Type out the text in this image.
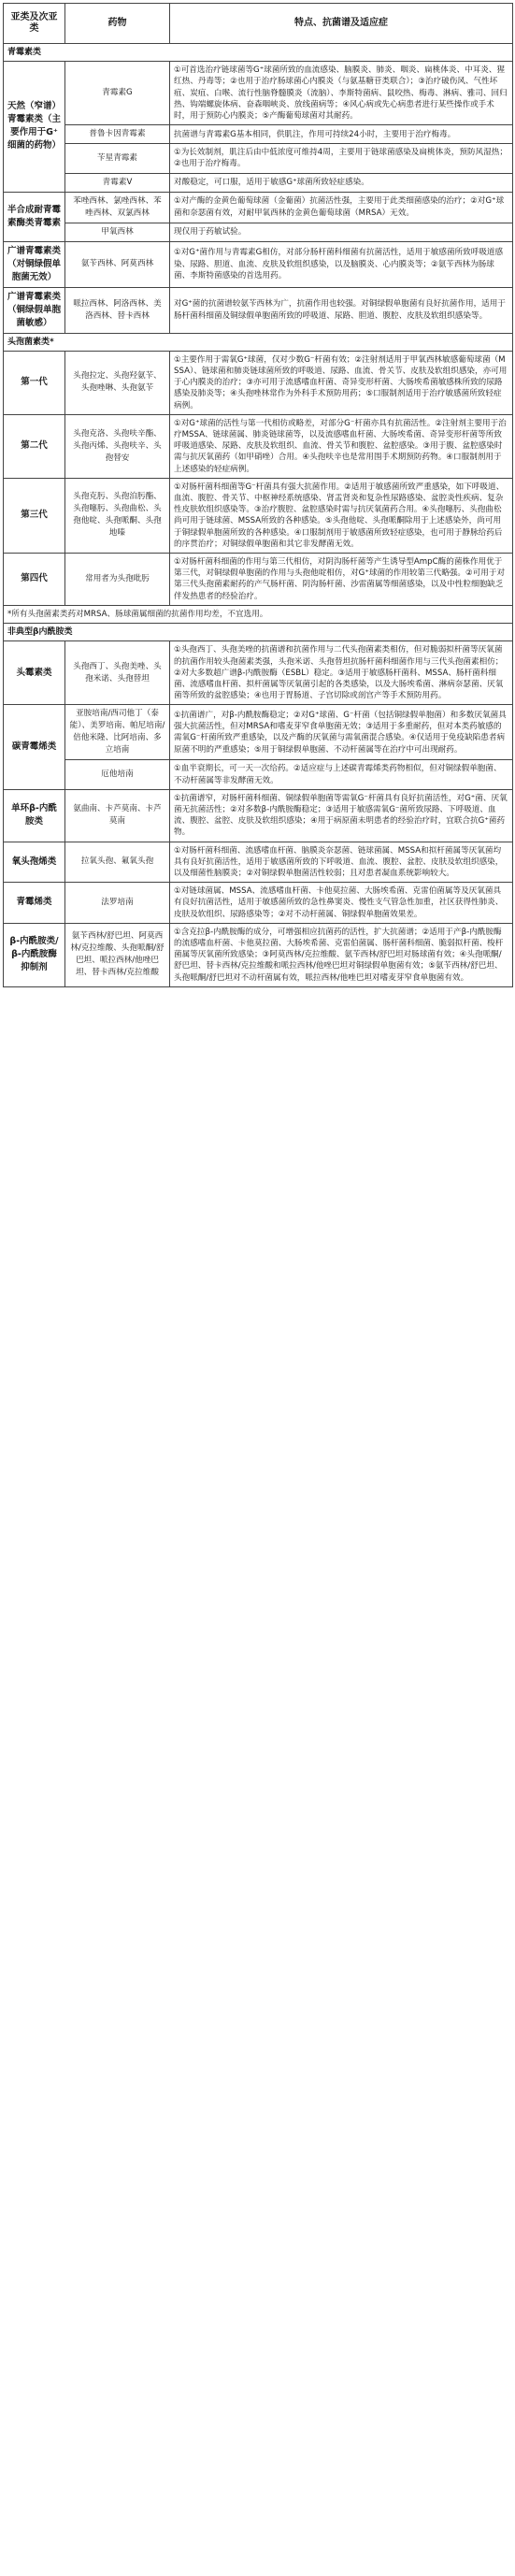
亚类及次亚类	药物	特点、抗菌谱及适应症
青霉素类		
天然（窄谱）青霉素类（主要作用于G⁺细菌的药物）	青霉素G	①可首选治疗链球菌等G⁺球菌所致的血流感染、脑膜炎、肺炎、咽炎、扁桃体炎、中耳炎、猩红热、丹毒等；②也用于治疗肠球菌心内膜炎（与氨基糖苷类联合）；③治疗破伤风、气性坏疽、炭疽、白喉、流行性脑脊髓膜炎（流脑）、李斯特菌病、鼠咬热、梅毒、淋病、雅司、回归热、钩端螺旋体病、奋森咽峡炎、放线菌病等；④风心病或先心病患者进行某些操作或手术时，用于预防心内膜炎；⑤产酶葡萄球菌对其耐药。
	普鲁卡因青霉素	抗菌谱与青霉素G基本相同，供肌注，作用可持续24小时，主要用于治疗梅毒。
	苄星青霉素	①为长效制剂，肌注后由中低浓度可维持4周，主要用于链球菌感染及扁桃体炎，预防风湿热；②也用于治疗梅毒。
	青霉素V	对酸稳定，可口服，适用于敏感G⁺球菌所致轻症感染。
半合成耐青霉素酶类青霉素	苯唑西林、氯唑西林、苯唑西林、双氯西林	①对产酶的金黄色葡萄球菌（金葡菌）抗菌活性强，主要用于此类细菌感染的治疗；②对G⁺球菌和奈瑟菌有效，对耐甲氧西林的金黄色葡萄球菌（MRSA）无效。
	甲氧西林	现仅用于药敏试验。
广谱青霉素类（对铜绿假单胞菌无效）	氨苄西林、阿莫西林	①对G⁺菌作用与青霉素G相仿，对部分肠杆菌科细菌有抗菌活性，适用于敏感菌所致呼吸道感染、尿路、胆道、血流、皮肤及软组织感染，以及脑膜炎、心内膜炎等；②氨苄西林为肠球菌、李斯特菌感染的首选用药。
广谱青霉素类（铜绿假单胞菌敏感）	哌拉西林、阿洛西林、美洛西林、替卡西林	对G⁺菌的抗菌谱较氨苄西林为广，抗菌作用也较强。对铜绿假单胞菌有良好抗菌作用，适用于肠杆菌科细菌及铜绿假单胞菌所致的呼吸道、尿路、胆道、腹腔、皮肤及软组织感染等。
头孢菌素类*		
第一代	头孢拉定、头孢羟氨苄、头孢唑啉、头孢氨苄	①主要作用于需氧G⁺球菌，仅对少数G⁻杆菌有效；②注射剂适用于甲氧西林敏感葡萄球菌（MSSA）、链球菌和肺炎链球菌所致的呼吸道、尿路、血流、骨关节、皮肤及软组织感染，亦可用于心内膜炎的治疗；③亦可用于流感嗜血杆菌、奇异变形杆菌、大肠埃希菌敏感株所致的尿路感染及肺炎等；④头孢唑林常作为外科手术预防用药；⑤口服制剂适用于治疗敏感菌所致轻症病例。
第二代	头孢克洛、头孢呋辛酯、头孢丙烯、头孢呋辛、头孢替安	①对G⁺球菌的活性与第一代相仿或略差，对部分G⁻杆菌亦具有抗菌活性。②注射剂主要用于治疗MSSA、链球菌属、肺炎链球菌等，以及流感嗜血杆菌、大肠埃希菌、奇异变形杆菌等所致呼吸道感染、尿路、皮肤及软组织、血流、骨关节和腹腔、盆腔感染。③用于腹、盆腔感染时需与抗厌氧菌药（如甲硝唑）合用。④头孢呋辛也是常用围手术期预防药物。④口服制剂用于上述感染的轻症病例。
第三代	头孢克肟、头孢泊肟酯、头孢噻肟、头孢曲松、头孢他啶、头孢哌酮、头孢地嗪	①对肠杆菌科细菌等G⁻杆菌具有强大抗菌作用。②适用于敏感菌所致严重感染，如下呼吸道、血流、腹腔、骨关节、中枢神经系统感染、肾盂肾炎和复杂性尿路感染、盆腔炎性疾病、复杂性皮肤软组织感染等。③治疗腹腔、盆腔感染时需与抗厌氧菌药合用。④头孢噻肟、头孢曲松尚可用于链球菌、MSSA所致的各种感染。⑤头孢他啶、头孢哌酮除用于上述感染外，尚可用于铜绿假单胞菌所致的各种感染。④口服制剂用于敏感菌所致轻症感染，也可用于静脉给药后的序贯治疗；对铜绿假单胞菌和其它非发酵菌无效。
第四代	常用者为头孢吡肟	①对肠杆菌科细菌的作用与第三代相仿，对阴沟肠杆菌等产生诱导型AmpC酶的菌株作用优于第三代，对铜绿假单胞菌的作用与头孢他啶相仿，对G⁺球菌的作用较第三代略强。②可用于对第三代头孢菌素耐药的产气肠杆菌、阴沟肠杆菌、沙雷菌属等细菌感染，以及中性粒细胞缺乏伴发热患者的经验治疗。
*所有头孢菌素类药对MRSA、肠球菌属细菌的抗菌作用均差，不宜选用。		
非典型β内酰胺类		
头霉素类	头孢西丁、头孢美唑、头孢米诺、头孢替坦	①头孢西丁、头孢美唑的抗菌谱和抗菌作用与二代头孢菌素类相仿，但对脆弱拟杆菌等厌氧菌的抗菌作用较头孢菌素类强，头孢米诺、头孢替坦抗肠杆菌科细菌作用与三代头孢菌素相仿；②对大多数超广谱β-内酰胺酶（ESBL）稳定。③适用于敏感肠杆菌科、MSSA、肠杆菌科细菌、流感嗜血杆菌、拟杆菌属等厌氧菌引起的各类感染，以及大肠埃希菌、淋病奈瑟菌、厌氧菌等所致的盆腔感染；④也用于胃肠道、子宫切除或剖宫产等手术预防用药。
碳青霉烯类	亚胺培南/西司他丁（泰能）、美罗培南、帕尼培南/倍他米隆、比阿培南、多立培南	①抗菌谱广，对β-内酰胺酶稳定；②对G⁺球菌、G⁻杆菌（包括铜绿假单胞菌）和多数厌氧菌具强大抗菌活性，但对MRSA和嗜麦芽窄食单胞菌无效；③适用于多重耐药，但对本类药敏感的需氧G⁻杆菌所致严重感染，以及产酶的厌氧菌与需氧菌混合感染。④仅适用于免疫缺陷患者病原菌不明的严重感染；⑤用于铜绿假单胞菌、不动杆菌属等在治疗中可出现耐药。
	厄他培南	①血半衰期长，可一天一次给药。②适应症与上述碳青霉烯类药物相似，但对铜绿假单胞菌、不动杆菌属等非发酵菌无效。
单环β-内酰胺类	氨曲南、卡芦莫南、卡芦莫南	①抗菌谱窄，对肠杆菌科细菌、铜绿假单胞菌等需氧G⁻杆菌具有良好抗菌活性，对G⁺菌、厌氧菌无抗菌活性；②对多数β-内酰胺酶稳定；③适用于敏感需氧G⁻菌所致尿路、下呼吸道、血流、腹腔、盆腔、皮肤及软组织感染；④用于病原菌未明患者的经验治疗时，宜联合抗G⁺菌药物。
氧头孢烯类	拉氧头孢、氟氧头孢	①对肠杆菌科细菌、流感嗜血杆菌、脑膜炎奈瑟菌、链球菌属、MSSA和拟杆菌属等厌氧菌均具有良好抗菌活性，适用于敏感菌所致的下呼吸道、血流、腹腔、盆腔、皮肤及软组织感染，以及细菌性脑膜炎；②对铜绿假单胞菌活性较弱；且对患者凝血系统影响较大。
青霉烯类	法罗培南	①对链球菌属、MSSA、流感嗜血杆菌、卡他莫拉菌、大肠埃希菌、克雷伯菌属等及厌氧菌具有良好抗菌活性，适用于敏感菌所致的急性鼻窦炎、慢性支气管急性加重，社区获得性肺炎、皮肤及软组织、尿路感染等；②对不动杆菌属、铜绿假单胞菌效果差。
β-内酰胺类/β-内酰胺酶抑制剂	氨苄西林/舒巴坦、阿莫西林/克拉维酸、头孢哌酮/舒巴坦、哌拉西林/他唑巴坦、替卡西林/克拉维酸	①含克拉β-内酰胺酶的成分，可增强相应抗菌药的活性，扩大抗菌谱；②适用于产β-内酰胺酶的流感嗜血杆菌、卡他莫拉菌、大肠埃希菌、克雷伯菌属、肠杆菌科细菌、脆弱拟杆菌、梭杆菌属等厌氧菌所致感染；③阿莫西林/克拉维酸、氨苄西林/舒巴坦对肠球菌有效；④头孢哌酮/舒巴坦、替卡西林/克拉维酸和哌拉西林/他唑巴坦对铜绿假单胞菌有效；⑤氨苄西林/舒巴坦、头孢哌酮/舒巴坦对不动杆菌属有效，哌拉西林/他唑巴坦对嗜麦芽窄食单胞菌有效。
